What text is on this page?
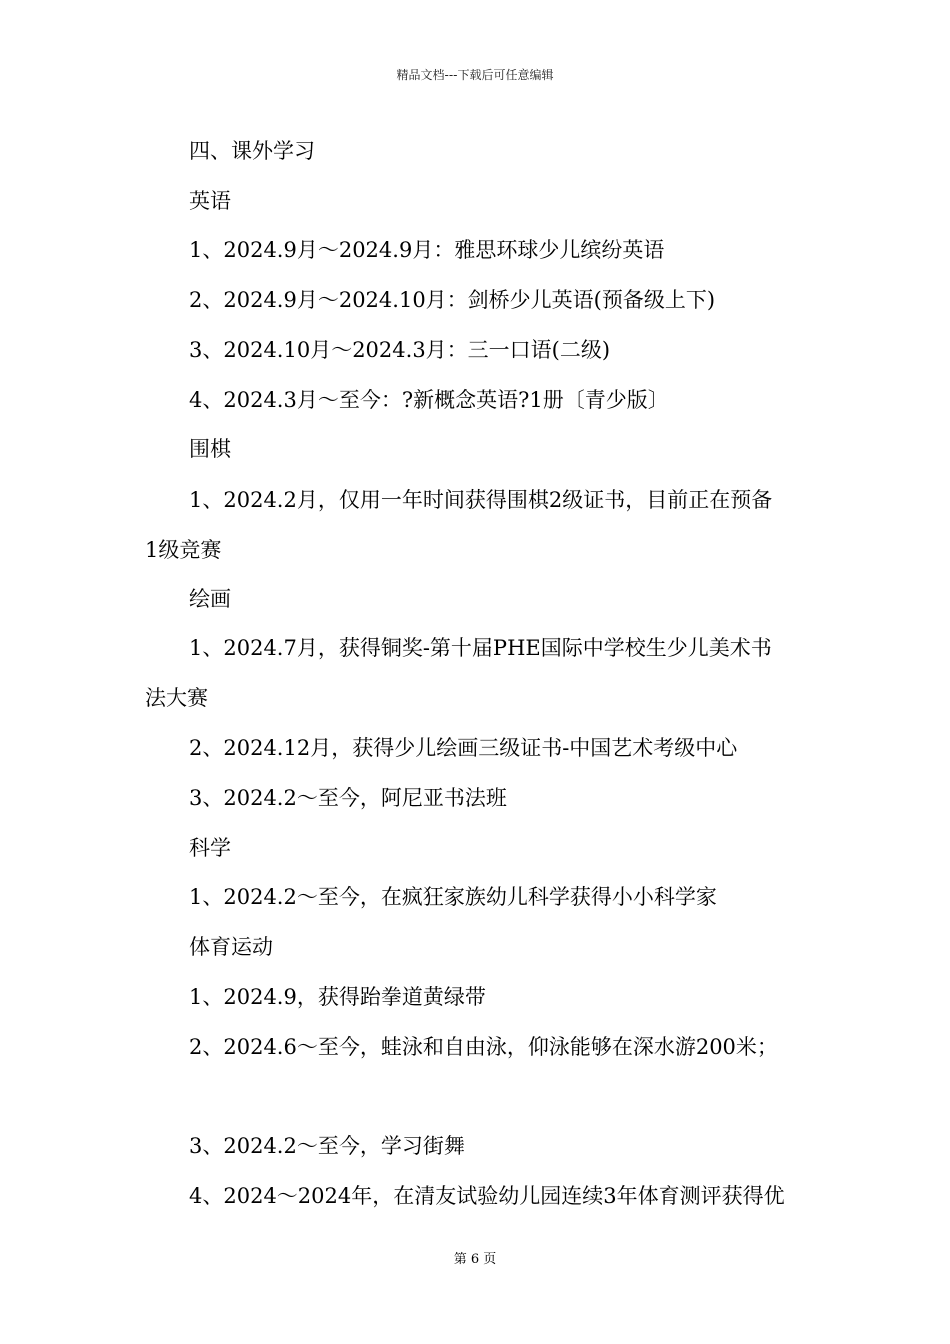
精品文档---下载后可任意编辑
四、课外学习
英语
1、2024.9月～2024.9月：雅思环球少儿缤纷英语
2、2024.9月～2024.10月：剑桥少儿英语(预备级上下)
3、2024.10月～2024.3月：三一口语(二级)
4、2024.3月～至今：?新概念英语?1册〔青少版〕
围棋
1、2024.2月，仅用一年时间获得围棋2级证书，目前正在预备
1级竞赛
绘画
1、2024.7月，获得铜奖-第十届PHE国际中学校生少儿美术书
法大赛
2、2024.12月，获得少儿绘画三级证书-中国艺术考级中心
3、2024.2～至今，阿尼亚书法班
科学
1、2024.2～至今，在疯狂家族幼儿科学获得小小科学家
体育运动
1、2024.9，获得跆拳道黄绿带
2、2024.6～至今，蛙泳和自由泳，仰泳能够在深水游200米；
3、2024.2～至今，学习街舞
4、2024～2024年，在清友试验幼儿园连续3年体育测评获得优
第 6 页
